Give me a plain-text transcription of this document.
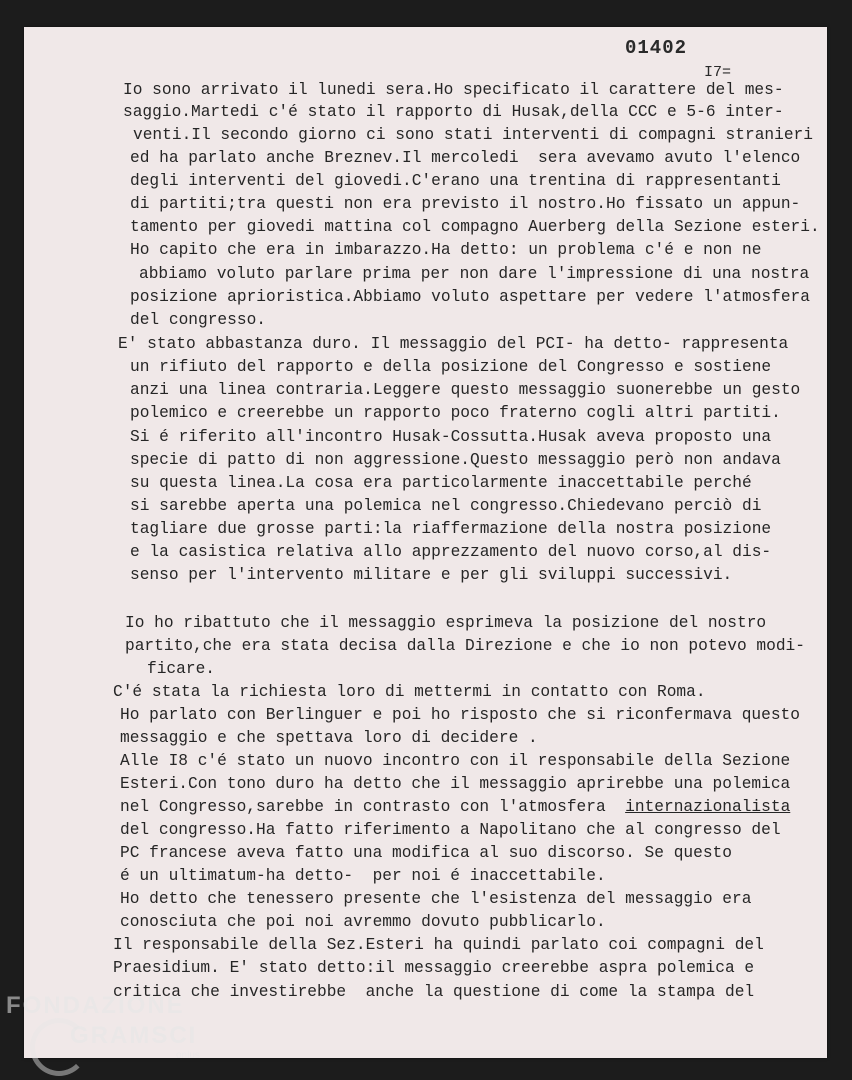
01402
I7=
Io sono arrivato il lunedi sera.Ho specificato il carattere del mes-
saggio.Martedi c'é stato il rapporto di Husak,della CCC e 5-6 inter-
venti.Il secondo giorno ci sono stati interventi di compagni stranieri
ed ha parlato anche Breznev.Il mercoledi  sera avevamo avuto l'elenco
degli interventi del giovedi.C'erano una trentina di rappresentanti
di partiti;tra questi non era previsto il nostro.Ho fissato un appun-
tamento per giovedi mattina col compagno Auerberg della Sezione esteri.
Ho capito che era in imbarazzo.Ha detto: un problema c'é e non ne
abbiamo voluto parlare prima per non dare l'impressione di una nostra
posizione aprioristica.Abbiamo voluto aspettare per vedere l'atmosfera
del congresso.
E' stato abbastanza duro. Il messaggio del PCI- ha detto- rappresenta
un rifiuto del rapporto e della posizione del Congresso e sostiene
anzi una linea contraria.Leggere questo messaggio suonerebbe un gesto
polemico e creerebbe un rapporto poco fraterno cogli altri partiti.
Si é riferito all'incontro Husak-Cossutta.Husak aveva proposto una
specie di patto di non aggressione.Questo messaggio però non andava
su questa linea.La cosa era particolarmente inaccettabile perché
si sarebbe aperta una polemica nel congresso.Chiedevano perciò di
tagliare due grosse parti:la riaffermazione della nostra posizione
e la casistica relativa allo apprezzamento del nuovo corso,al dis-
senso per l'intervento militare e per gli sviluppi successivi.
Io ho ribattuto che il messaggio esprimeva la posizione del nostro
partito,che era stata decisa dalla Direzione e che io non potevo modi-
ficare.
C'é stata la richiesta loro di mettermi in contatto con Roma.
Ho parlato con Berlinguer e poi ho risposto che si riconfermava questo
messaggio e che spettava loro di decidere .
Alle I8 c'é stato un nuovo incontro con il responsabile della Sezione
Esteri.Con tono duro ha detto che il messaggio aprirebbe una polemica
nel Congresso,sarebbe in contrasto con l'atmosfera  internazionalista
del congresso.Ha fatto riferimento a Napolitano che al congresso del
PC francese aveva fatto una modifica al suo discorso. Se questo
é un ultimatum-ha detto-  per noi é inaccettabile.
Ho detto che tenessero presente che l'esistenza del messaggio era
conosciuta che poi noi avremmo dovuto pubblicarlo.
Il responsabile della Sez.Esteri ha quindi parlato coi compagni del
Praesidium. E' stato detto:il messaggio creerebbe aspra polemica e
critica che investirebbe  anche la questione di come la stampa del
FONDAZIONE
GRAMSCI
onlus
